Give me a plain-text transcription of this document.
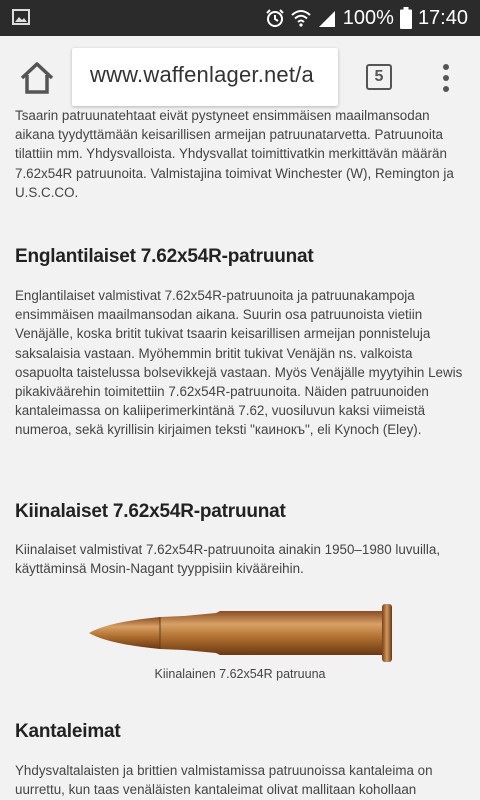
100% 17:40
www.waffenlager.net/a	5

Tsaarin patruunatehtaat eivät pystyneet ensimmäisen maailmansodan aikana tyydyttämään keisarillisen armeijan patruunatarvetta. Patruunoita tilattiin mm. Yhdysvalloista. Yhdysvallat toimittivatkin merkittävän määrän 7.62x54R patruunoita. Valmistajina toimivat Winchester (W), Remington ja U.S.C.CO.

Englantilaiset 7.62x54R-patruunat

Englantilaiset valmistivat 7.62x54R-patruunoita ja patruunakampoja ensimmäisen maailmansodan aikana. Suurin osa patruunoista vietiin Venäjälle, koska britit tukivat tsaarin keisarillisen armeijan ponnisteluja saksalaisia vastaan. Myöhemmin britit tukivat Venäjän ns. valkoista osapuolta taistelussa bolsevikkejä vastaan. Myös Venäjälle myytyihin Lewis pikakiväärehin toimitettiin 7.62x54R-patruunoita. Näiden patruunoiden kantaleimassa on kaliiperimerkintänä 7.62, vuosiluvun kaksi viimeistä numeroa, sekä kyrillisin kirjaimen teksti "каинокъ", eli Kynoch (Eley).

Kiinalaiset 7.62x54R-patruunat

Kiinalaiset valmistivat 7.62x54R-patruunoita ainakin 1950–1980 luvuilla, käyttäminsä Mosin-Nagant tyyppisiin kivääreihin.

Kiinalainen 7.62x54R patruuna
Kantaleimat

Yhdysvaltalaisten ja brittien valmistamissa patruunoissa kantaleima on uurrettu, kun taas venäläisten kantaleimat olivat mallitaan kohollaan
